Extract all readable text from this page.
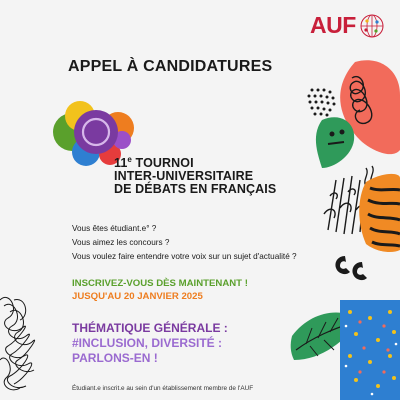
AUF
APPEL À CANDIDATURES
11e TOURNOI
INTER-UNIVERSITAIRE
DE DÉBATS EN FRANÇAIS
Vous êtes étudiant.e° ?
Vous aimez les concours ?
Vous voulez faire entendre votre voix sur un sujet d'actualité ?
INSCRIVEZ-VOUS DÈS MAINTENANT !
JUSQU'AU 20 JANVIER 2025
THÉMATIQUE GÉNÉRALE :
#INCLUSION, DIVERSITÉ :
PARLONS-EN !
Étudiant.e inscrit.e au sein d'un établissement membre de l'AUF
